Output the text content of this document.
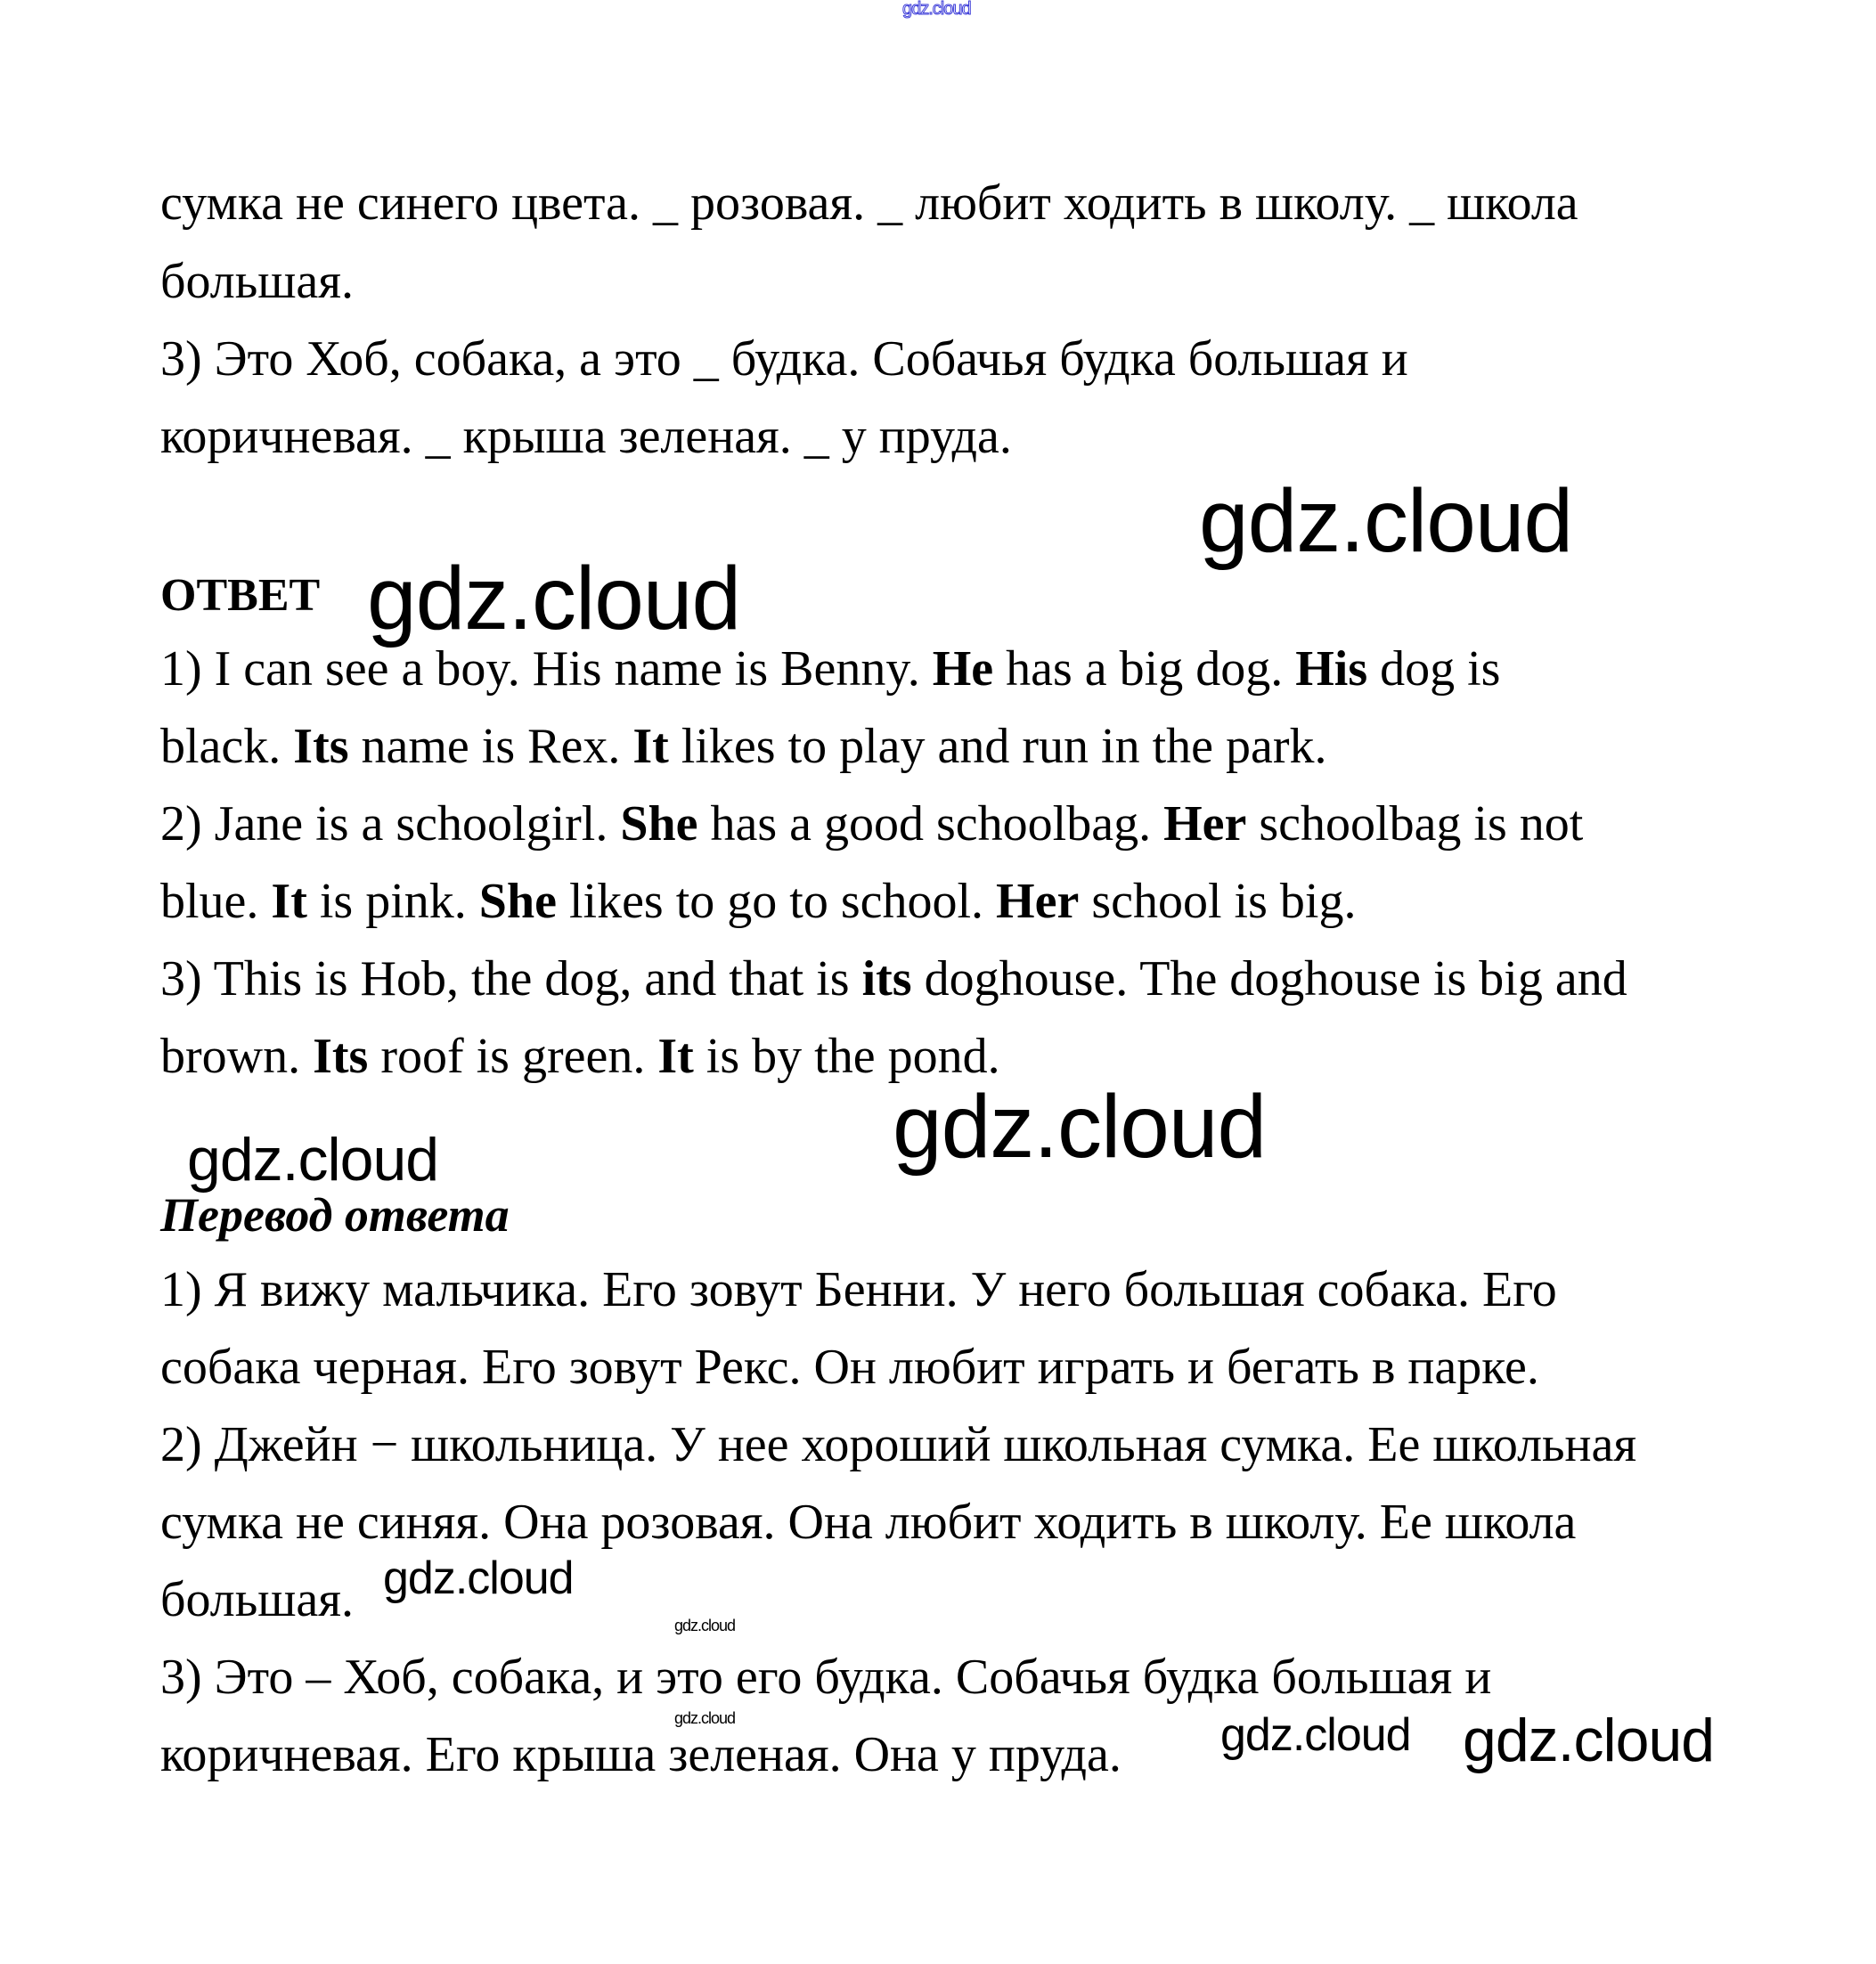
gdz.cloud
сумка не синего цвета. _ розовая. _ любит ходить в школу. _ школа
большая.
3) Это Хоб, собака, а это _ будка. Собачья будка большая и
коричневая. _ крыша зеленая. _ у пруда.
ОТВЕТ
1) I can see a boy. His name is Benny. He has a big dog. His dog is
black. Its name is Rex. It likes to play and run in the park.
2) Jane is a schoolgirl. She has a good schoolbag. Her schoolbag is not
blue. It is pink. She likes to go to school. Her school is big.
3) This is Hob, the dog, and that is its doghouse. The doghouse is big and
brown. Its roof is green. It is by the pond.
Перевод ответа
1) Я вижу мальчика. Его зовут Бенни. У него большая собака. Его
собака черная. Его зовут Рекс. Он любит играть и бегать в парке.
2) Джейн − школьница. У нее хороший школьная сумка. Ее школьная
сумка не синяя. Она розовая. Она любит ходить в школу. Ее школа
большая.
3) Это – Хоб, собака, и это его будка. Собачья будка большая и
коричневая. Его крыша зеленая. Она у пруда.
gdz.cloud
gdz.cloud
gdz.cloud
gdz.cloud
gdz.cloud
gdz.cloud
gdz.cloud	gdz.cloud gdz.cloud
